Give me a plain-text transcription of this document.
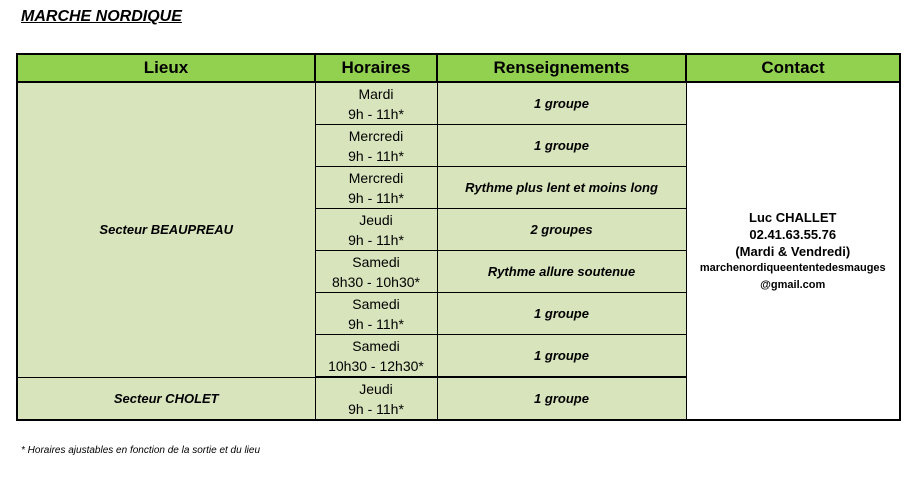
MARCHE NORDIQUE
Lieux	Horaires	Renseignements	Contact
Secteur BEAUPREAU	Mardi
9h - 11h*	1 groupe	Luc CHALLET
02.41.63.55.76
(Mardi & Vendredi)
marchenordiqueententedesmauges
@gmail.com

	Mercredi
9h - 11h*	1 groupe	

	Mercredi
9h - 11h*	Rythme plus lent et moins long	

	Jeudi
9h - 11h*	2 groupes	

	Samedi
8h30 - 10h30*	Rythme allure soutenue	

	Samedi
9h - 11h*	1 groupe	

	Samedi
10h30 - 12h30*	1 groupe	
Secteur CHOLET	Jeudi
9h - 11h*	1 groupe	
* Horaires ajustables en fonction de la sortie et du lieu
